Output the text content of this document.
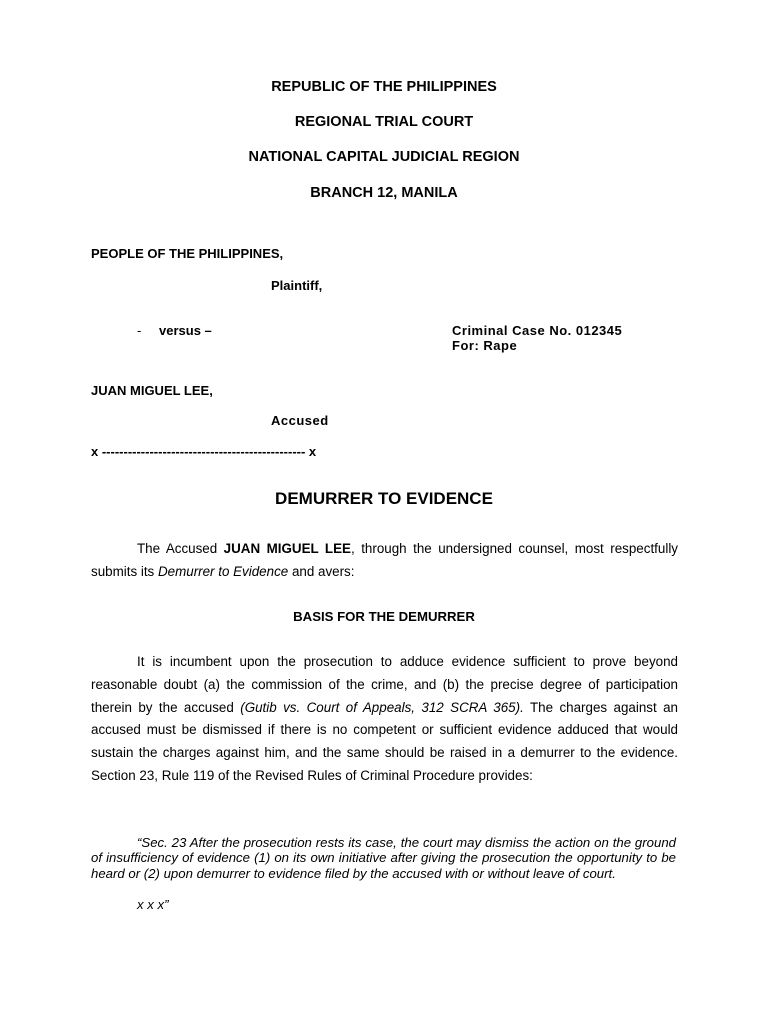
REPUBLIC OF THE PHILIPPINES
REGIONAL TRIAL COURT
NATIONAL CAPITAL JUDICIAL REGION
BRANCH 12, MANILA
PEOPLE OF THE PHILIPPINES,
Plaintiff,
- versus –	Criminal Case No. 012345
For: Rape
JUAN MIGUEL LEE,
Accused
x ----------------------------------------------- x
DEMURRER TO EVIDENCE
The Accused JUAN MIGUEL LEE, through the undersigned counsel, most respectfully submits its Demurrer to Evidence and avers:
BASIS FOR THE DEMURRER
It is incumbent upon the prosecution to adduce evidence sufficient to prove beyond reasonable doubt (a) the commission of the crime, and (b) the precise degree of participation therein by the accused (Gutib vs. Court of Appeals, 312 SCRA 365). The charges against an accused must be dismissed if there is no competent or sufficient evidence adduced that would sustain the charges against him, and the same should be raised in a demurrer to the evidence. Section 23, Rule 119 of the Revised Rules of Criminal Procedure provides:
“Sec. 23 After the prosecution rests its case, the court may dismiss the action on the ground of insufficiency of evidence (1) on its own initiative after giving the prosecution the opportunity to be heard or (2) upon demurrer to evidence filed by the accused with or without leave of court.
x x x”
